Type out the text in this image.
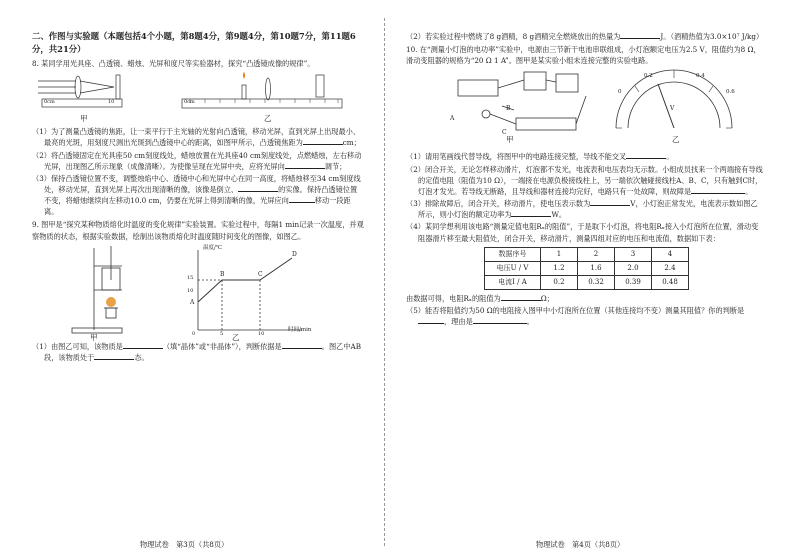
二、作图与实验题（本题包括4个小题，第8题4分，第9题4分，第10题7分，第11题6分，共21分）
8. 某同学用光具座、凸透镜、蜡烛、光屏和度尺等实验器材，探究“凸透镜成像的规律”。
0cm	10	0cm
甲	乙
（1）为了测量凸透镜的焦距，让一束平行于主光轴的光射向凸透镜，移动光屏，直到光屏上出现最小、最亮的光斑，用刻度尺测出光斑到凸透镜中心的距离，如图甲所示，凸透镜焦距为	cm；
（2）将凸透镜固定在光具座50 cm刻度线处，蜡烛放置在光具座40 cm刻度线处，点燃蜡烛，左右移动光屏，出现图乙所示现象（成像清晰）。为使像呈现在光屏中央，应将光屏向	调节；
（3）保持凸透镜位置不变，调整烛焰中心、透镜中心和光屏中心在同一高度，将蜡烛移至34 cm刻度线处，移动光屏，直到光屏上再次出现清晰的像，该像是倒立、	的实像。保持凸透镜位置不变，将蜡烛继续向左移动10.0 cm，仍要在光屏上得到清晰的像，光屏应向	移动一段距离。
9. 图甲是“探究某种物质熔化时温度的变化规律”实验装置。实验过程中，每隔1 min记录一次温度，并观察物质的状态，根据实验数据，绘制出该物质熔化时温度随时间变化的图像，如图乙。
温度/℃
时间/min
A
B	C
D
15
10
5	10
0
甲	乙
（1）由图乙可知，该物质是	（填“晶体”或“非晶体”），判断依据是	。图乙中AB段，该物质处于	态。
物理试卷　第3页（共8页）
（2）若实验过程中燃烧了8 g酒精，8 g酒精完全燃烧放出的热量为	J。（酒精热值为3.0×10⁷ J/kg）
10. 在“测量小灯泡的电功率”实验中，电源由三节新干电池串联组成，小灯泡额定电压为2.5 V，阻值约为8 Ω，滑动变阻器的规格为“20 Ω 1 A”。图甲是某实验小组未连接完整的实验电路。
A
B
C
0
0.2	0.4
0.6
V
甲	乙
（1）请用笔画线代替导线，将图甲中的电路连接完整，导线不能交叉	。
（2）闭合开关，无论怎样移动滑片，灯泡都不发光，电流表和电压表均无示数。小组成员找来一个两端接有导线的定值电阻（阻值为10 Ω），一端接在电源负极接线柱上，另一端依次触碰接线柱A、B、C，只有触到C时，灯泡才发光。若导线无断路，且导线和器材连接均完好，电路只有一处故障，则故障是	。
（3）排除故障后，闭合开关，移动滑片，使电压表示数为	V，小灯泡正常发光，电流表示数如图乙所示，则小灯泡的额定功率为	W。
（4）某同学想利用该电路“测量定值电阻Rₓ的阻值”，于是取下小灯泡，将电阻Rₓ接入小灯泡所在位置，滑动变阻器滑片移至最大阻值处，闭合开关，移动滑片，测量四组对应的电压和电流值，数据如下表：
数据序号	1	2	3	4
电压U / V	1.2	1.6	2.0	2.4
电流I / A	0.2	0.32	0.39	0.48
由数据可得，电阻Rₓ的阻值为	Ω；
（5）能否将阻值约为50 Ω的电阻接入图甲中小灯泡所在位置（其他连接均不变）测量其阻值？你的判断是，理由是	。
物理试卷　第4页（共8页）
